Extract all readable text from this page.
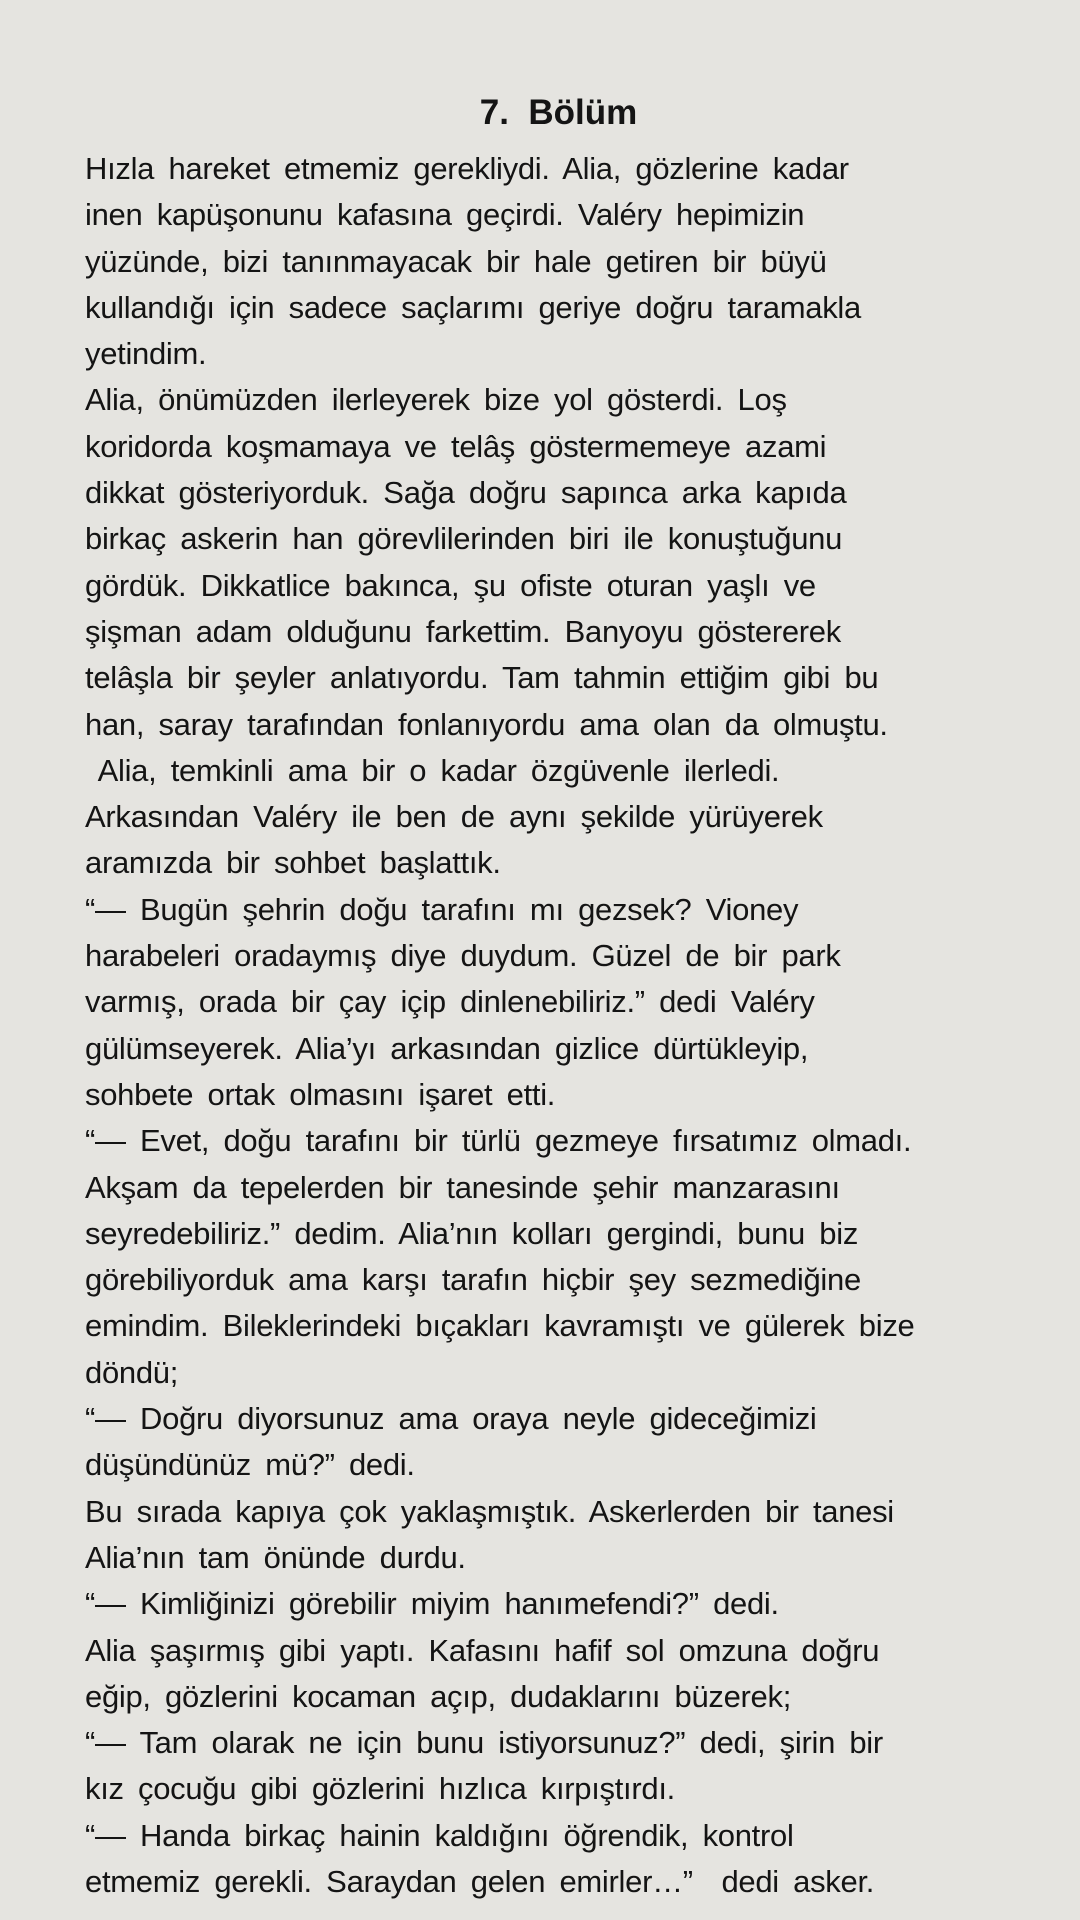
7.  Bölüm
Hızla hareket etmemiz gerekliydi. Alia, gözlerine kadar
inen kapüşonunu kafasına geçirdi. Valéry hepimizin
yüzünde, bizi tanınmayacak bir hale getiren bir büyü
kullandığı için sadece saçlarımı geriye doğru taramakla
yetindim.
Alia, önümüzden ilerleyerek bize yol gösterdi. Loş
koridorda koşmamaya ve telâş göstermemeye azami
dikkat gösteriyorduk. Sağa doğru sapınca arka kapıda
birkaç askerin han görevlilerinden biri ile konuştuğunu
gördük. Dikkatlice bakınca, şu ofiste oturan yaşlı ve
şişman adam olduğunu farkettim. Banyoyu göstererek
telâşla bir şeyler anlatıyordu. Tam tahmin ettiğim gibi bu
han, saray tarafından fonlanıyordu ama olan da olmuştu.
Alia, temkinli ama bir o kadar özgüvenle ilerledi.
Arkasından Valéry ile ben de aynı şekilde yürüyerek
aramızda bir sohbet başlattık.
“— Bugün şehrin doğu tarafını mı gezsek? Vioney
harabeleri oradaymış diye duydum. Güzel de bir park
varmış, orada bir çay içip dinlenebiliriz.” dedi Valéry
gülümseyerek. Alia’yı arkasından gizlice dürtükleyip,
sohbete ortak olmasını işaret etti.
“— Evet, doğu tarafını bir türlü gezmeye fırsatımız olmadı.
Akşam da tepelerden bir tanesinde şehir manzarasını
seyredebiliriz.” dedim. Alia’nın kolları gergindi, bunu biz
görebiliyorduk ama karşı tarafın hiçbir şey sezmediğine
emindim. Bileklerindeki bıçakları kavramıştı ve gülerek bize
döndü;
“— Doğru diyorsunuz ama oraya neyle gideceğimizi
düşündünüz mü?” dedi.
Bu sırada kapıya çok yaklaşmıştık. Askerlerden bir tanesi
Alia’nın tam önünde durdu.
“— Kimliğinizi görebilir miyim hanımefendi?” dedi.
Alia şaşırmış gibi yaptı. Kafasını hafif sol omzuna doğru
eğip, gözlerini kocaman açıp, dudaklarını büzerek;
“— Tam olarak ne için bunu istiyorsunuz?” dedi, şirin bir
kız çocuğu gibi gözlerini hızlıca kırpıştırdı.
“— Handa birkaç hainin kaldığını öğrendik, kontrol
etmemiz gerekli. Saraydan gelen emirler…”  dedi asker.
